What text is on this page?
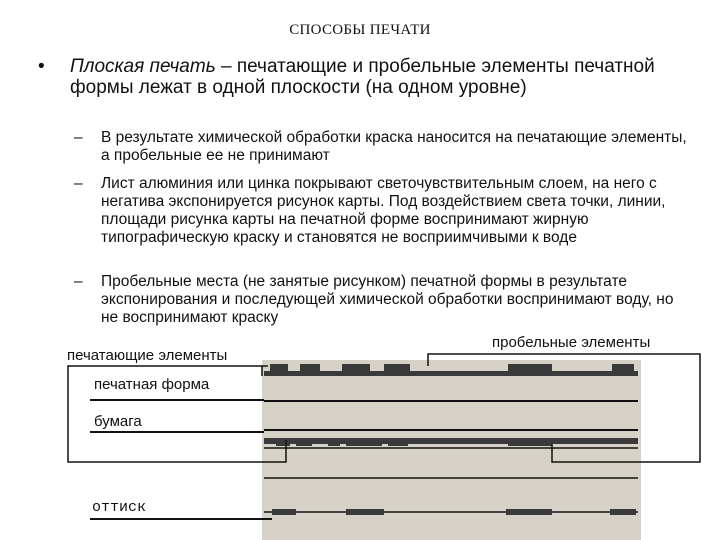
СПОСОБЫ ПЕЧАТИ
• Плоская печать – печатающие и пробельные элементы печатной формы лежат в одной плоскости (на одном уровне)
– В результате химической обработки краска наносится на печатающие элементы, а пробельные ее не принимают
– Лист алюминия или цинка покрывают светочувствительным слоем, на него с негатива экспонируется рисунок карты. Под воздействием света точки, линии, площади рисунка карты на печатной форме воспринимают жирную типографическую краску и становятся не восприимчивыми к воде
– Пробельные места (не занятые рисунком) печатной формы в результате экспонирования и последующей химической обработки воспринимают воду, но не воспринимают краску
печатающие элементы
пробельные элементы
печатная форма
бумага
оттиск
